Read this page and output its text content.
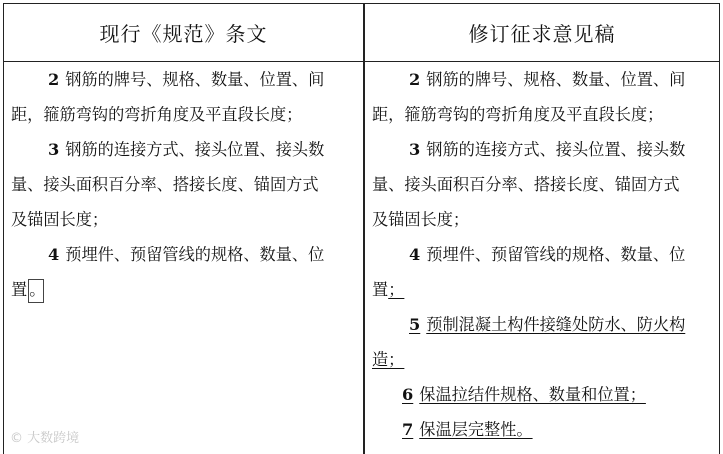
现行《规范》条文	修订征求意见稿
2 钢筋的牌号、规格、数量、位置、间
距，箍筋弯钩的弯折角度及平直段长度；
3 钢筋的连接方式、接头位置、接头数
量、接头面积百分率、搭接长度、锚固方式
及锚固长度；
4 预埋件、预留管线的规格、数量、位
置 。
2 钢筋的牌号、规格、数量、位置、间
距，箍筋弯钩的弯折角度及平直段长度；
3 钢筋的连接方式、接头位置、接头数
量、接头面积百分率、搭接长度、锚固方式
及锚固长度；
4 预埋件、预留管线的规格、数量、位
置；
5 预制混凝土构件接缝处防水、防火构
造；
6 保温拉结件规格、数量和位置；
7 保温层完整性。
© 大数跨境
